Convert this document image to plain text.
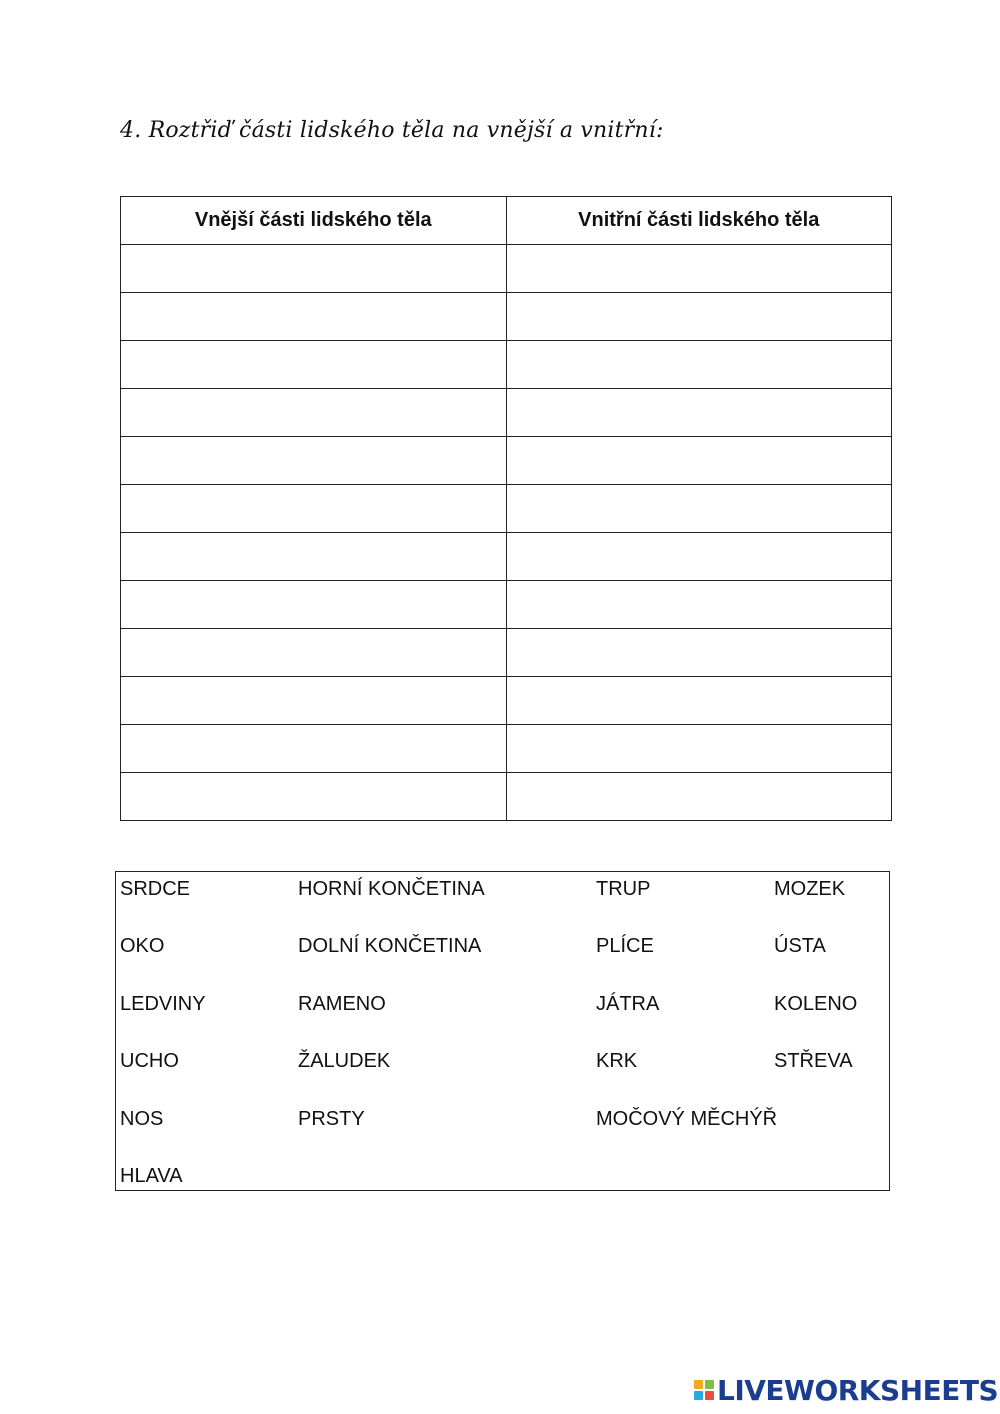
4. Roztřiď části lidského těla na vnější a vnitřní:
Vnější části lidského těla	Vnitřní části lidského těla

SRDCE	HORNÍ KONČETINA	TRUP	MOZEK
OKO	DOLNÍ KONČETINA	PLÍCE	ÚSTA
LEDVINY	RAMENO	JÁTRA	KOLENO
UCHO	ŽALUDEK	KRK	STŘEVA
NOS	PRSTY	MOČOVÝ MĚCHÝŘ
HLAVA
LIVEWORKSHEETS
